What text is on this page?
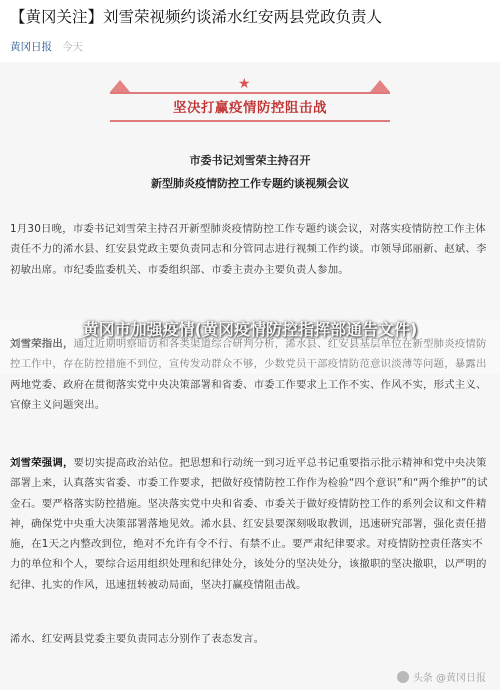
【黄冈关注】刘雪荣视频约谈浠水红安两县党政负责人
黄冈日报 今天
★
坚决打赢疫情防控阻击战
市委书记刘雪荣主持召开
新型肺炎疫情防控工作专题约谈视频会议
1月30日晚，市委书记刘雪荣主持召开新型肺炎疫情防控工作专题约谈会议，对落实疫情防控工作主体责任不力的浠水县、红安县党政主要负责同志和分管同志进行视频工作约谈。市领导邱丽新、赵斌、李初敏出席。市纪委监委机关、市委组织部、市委主责办主要负责人参加。
刘雪荣指出，通过近期明察暗访和各类渠道综合研判分析，浠水县、红安县基层单位在新型肺炎疫情防控工作中，存在防控措施不到位，宣传发动群众不够，少数党员干部疫情防范意识淡薄等问题，暴露出两地党委、政府在贯彻落实党中央决策部署和省委、市委工作要求上工作不实、作风不实，形式主义、官僚主义问题突出。
刘雪荣强调，要切实提高政治站位。把思想和行动统一到习近平总书记重要指示批示精神和党中央决策部署上来，认真落实省委、市委工作要求，把做好疫情防控工作作为检验“四个意识”和“两个维护”的试金石。要严格落实防控措施。坚决落实党中央和省委、市委关于做好疫情防控工作的系列会议和文件精神，确保党中央重大决策部署落地见效。浠水县、红安县要深刻吸取教训，迅速研究部署，强化责任措施，在1天之内整改到位，绝对不允许有令不行、有禁不止。要严肃纪律要求。对疫情防控责任落实不力的单位和个人，要综合运用组织处理和纪律处分，该处分的坚决处分，该撤职的坚决撤职，以严明的纪律、扎实的作风，迅速扭转被动局面，坚决打赢疫情阻击战。
浠水、红安两县党委主要负责同志分别作了表态发言。
黄冈市加强疫情(黄冈疫情防控指挥部通告文件)
头条 @黄冈日报
